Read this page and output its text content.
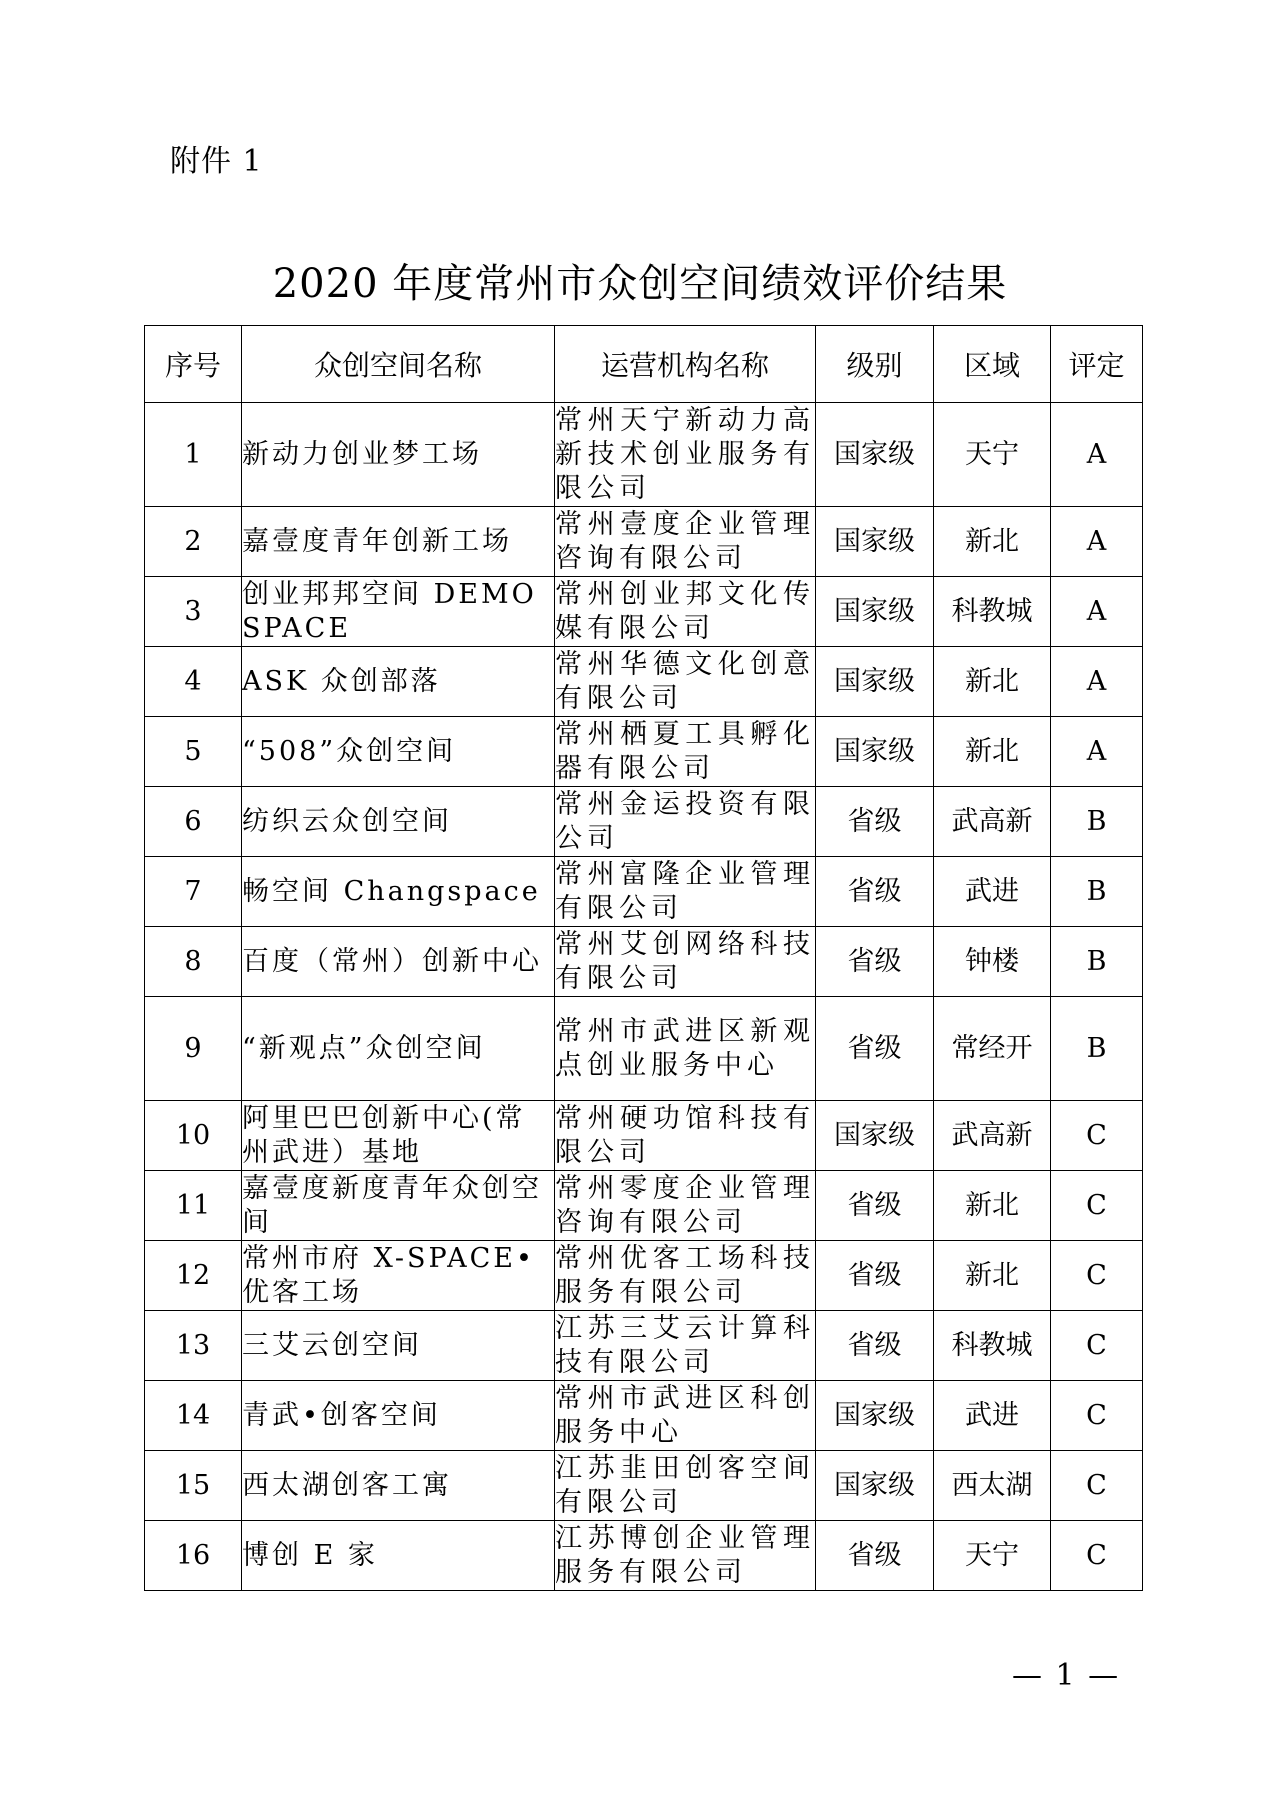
附件 1
2020 年度常州市众创空间绩效评价结果
序号	众创空间名称	运营机构名称	级别	区域	评定
1	新动力创业梦工场	常州天宁新动力高新技术创业服务有限公司	国家级	天宁	A
2	嘉壹度青年创新工场	常州壹度企业管理咨询有限公司	国家级	新北	A
3	创业邦邦空间 DEMO SPACE	常州创业邦文化传媒有限公司	国家级	科教城	A
4	ASK 众创部落	常州华德文化创意有限公司	国家级	新北	A
5	“508”众创空间	常州栖夏工具孵化器有限公司	国家级	新北	A
6	纺织云众创空间	常州金运投资有限公司	省级	武高新	B
7	畅空间 Changspace	常州富隆企业管理有限公司	省级	武进	B
8	百度（常州）创新中心	常州艾创网络科技有限公司	省级	钟楼	B
9	“新观点”众创空间	常州市武进区新观点创业服务中心	省级	常经开	B
10	阿里巴巴创新中心(常州武进）基地	常州硬功馆科技有限公司	国家级	武高新	C
11	嘉壹度新度青年众创空间	常州零度企业管理咨询有限公司	省级	新北	C
12	常州市府 X-SPACE•优客工场	常州优客工场科技服务有限公司	省级	新北	C
13	三艾云创空间	江苏三艾云计算科技有限公司	省级	科教城	C
14	青武•创客空间	常州市武进区科创服务中心	国家级	武进	C
15	西太湖创客工寓	江苏韭田创客空间有限公司	国家级	西太湖	C
16	博创 E 家	江苏博创企业管理服务有限公司	省级	天宁	C
— 1 —
